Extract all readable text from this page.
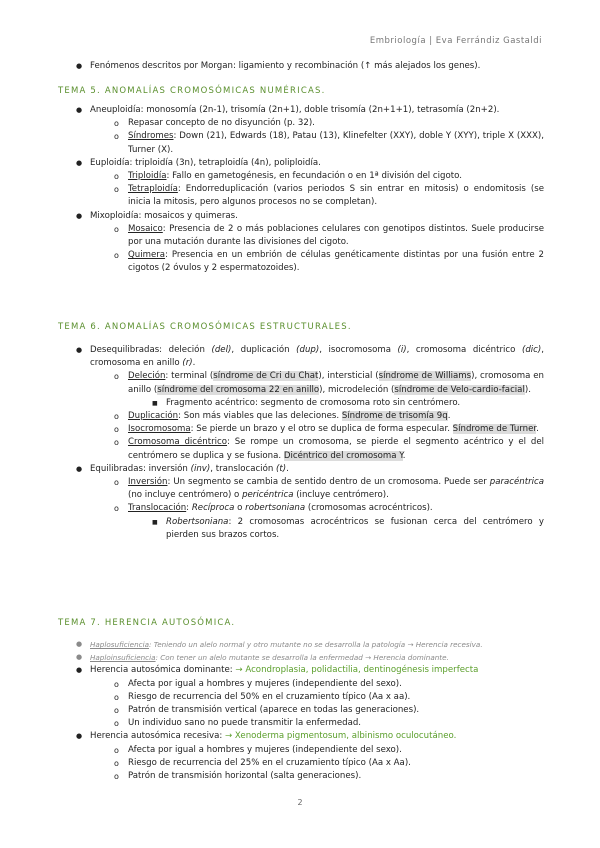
Embriología | Eva Ferrándiz Gastaldi
● Fenómenos descritos por Morgan: ligamiento y recombinación (↑ más alejados los genes).
TEMA 5. ANOMALÍAS CROMOSÓMICAS NUMÉRICAS.
● Aneuploidía: monosomía (2n-1), trisomía (2n+1), doble trisomía (2n+1+1), tetrasomía (2n+2).
o Repasar concepto de no disyunción (p. 32).
o Síndromes: Down (21), Edwards (18), Patau (13), Klinefelter (XXY), doble Y (XYY), triple X (XXX), Turner (X).
● Euploidía: triploidía (3n), tetraploidía (4n), poliploidía.
o Triploidía: Fallo en gametogénesis, en fecundación o en 1ª división del cigoto.
o Tetraploidía: Endorreduplicación (varios periodos S sin entrar en mitosis) o endomitosis (se inicia la mitosis, pero algunos procesos no se completan).
● Mixoploidía: mosaicos y quimeras.
o Mosaico: Presencia de 2 o más poblaciones celulares con genotipos distintos. Suele producirse por una mutación durante las divisiones del cigoto.
o Quimera: Presencia en un embrión de células genéticamente distintas por una fusión entre 2 cigotos (2 óvulos y 2 espermatozoides).
TEMA 6. ANOMALÍAS CROMOSÓMICAS ESTRUCTURALES.
● Desequilibradas: deleción (del), duplicación (dup), isocromosoma (i), cromosoma dicéntrico (dic), cromosoma en anillo (r).
o Deleción: terminal (síndrome de Cri du Chat), intersticial (síndrome de Williams), cromosoma en anillo (síndrome del cromosoma 22 en anillo), microdeleción (síndrome de Velo-cardio-facial).
■ Fragmento acéntrico: segmento de cromosoma roto sin centrómero.
o Duplicación: Son más viables que las deleciones. Síndrome de trisomía 9q.
o Isocromosoma: Se pierde un brazo y el otro se duplica de forma especular. Síndrome de Turner.
o Cromosoma dicéntrico: Se rompe un cromosoma, se pierde el segmento acéntrico y el del centrómero se duplica y se fusiona. Dicéntrico del cromosoma Y.
● Equilibradas: inversión (inv), translocación (t).
o Inversión: Un segmento se cambia de sentido dentro de un cromosoma. Puede ser paracéntrica (no incluye centrómero) o pericéntrica (incluye centrómero).
o Translocación: Recíproca o robertsoniana (cromosomas acrocéntricos).
■ Robertsoniana: 2 cromosomas acrocéntricos se fusionan cerca del centrómero y pierden sus brazos cortos.
TEMA 7. HERENCIA AUTOSÓMICA.
● Haplosuficiencia: Teniendo un alelo normal y otro mutante no se desarrolla la patología → Herencia recesiva.
● Haploinsuficiencia: Con tener un alelo mutante se desarrolla la enfermedad → Herencia dominante.
● Herencia autosómica dominante: → Acondroplasia, polidactilia, dentinogénesis imperfecta
o Afecta por igual a hombres y mujeres (independiente del sexo).
o Riesgo de recurrencia del 50% en el cruzamiento típico (Aa x aa).
o Patrón de transmisión vertical (aparece en todas las generaciones).
o Un individuo sano no puede transmitir la enfermedad.
● Herencia autosómica recesiva: → Xenoderma pigmentosum, albinismo oculocutáneo.
o Afecta por igual a hombres y mujeres (independiente del sexo).
o Riesgo de recurrencia del 25% en el cruzamiento típico (Aa x Aa).
o Patrón de transmisión horizontal (salta generaciones).
2
